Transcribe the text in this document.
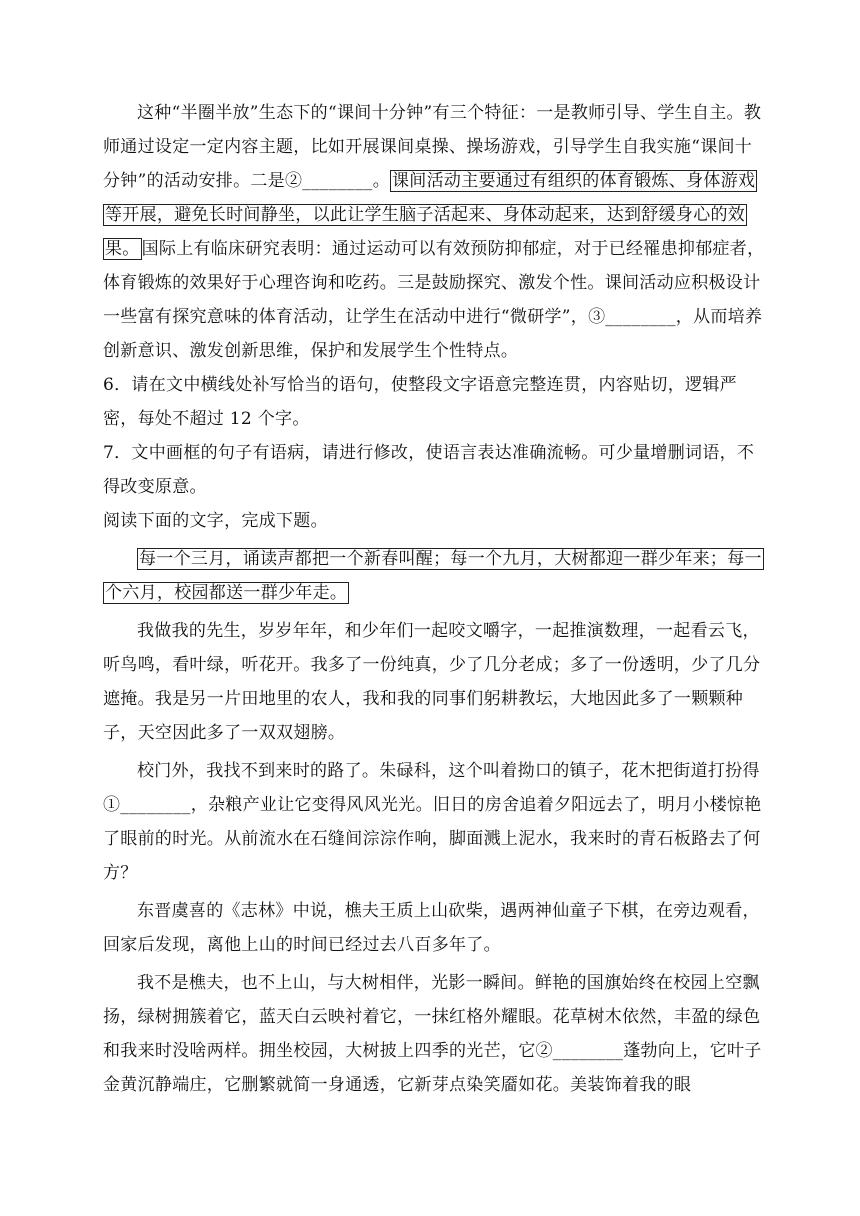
这种“半圈半放”生态下的“课间十分钟”有三个特征：一是教师引导、学生自主。教师通过设定一定内容主题，比如开展课间桌操、操场游戏，引导学生自我实施“课间十分钟”的活动安排。二是②________。 课间活动主要通过有组织的体育锻炼、身体游戏等开展，避免长时间静坐，以此让学生脑子活起来、身体动起来，达到舒缓身心的效果。 国际上有临床研究表明：通过运动可以有效预防抑郁症，对于已经罹患抑郁症者，体育锻炼的效果好于心理咨询和吃药。三是鼓励探究、激发个性。课间活动应积极设计一些富有探究意味的体育活动，让学生在活动中进行“微研学”，③________，从而培养创新意识、激发创新思维，保护和发展学生个性特点。

6．请在文中横线处补写恰当的语句，使整段文字语意完整连贯，内容贴切，逻辑严密，每处不超过 12 个字。

7．文中画框的句子有语病，请进行修改，使语言表达准确流畅。可少量增删词语，不得改变原意。

阅读下面的文字，完成下题。

每一个三月，诵读声都把一个新春叫醒；每一个九月，大树都迎一群少年来；每一个六月，校园都送一群少年走。

我做我的先生，岁岁年年，和少年们一起咬文嚼字，一起推演数理，一起看云飞，听鸟鸣，看叶绿，听花开。我多了一份纯真，少了几分老成；多了一份透明，少了几分遮掩。我是另一片田地里的农人，我和我的同事们躬耕教坛，大地因此多了一颗颗种子，天空因此多了一双双翅膀。

校门外，我找不到来时的路了。朱碌科，这个叫着拗口的镇子，花木把街道打扮得①________，杂粮产业让它变得风风光光。旧日的房舍追着夕阳远去了，明月小楼惊艳了眼前的时光。从前流水在石缝间淙淙作响，脚面溅上泥水，我来时的青石板路去了何方？

东晋虞喜的《志林》中说，樵夫王质上山砍柴，遇两神仙童子下棋，在旁边观看，回家后发现，离他上山的时间已经过去八百多年了。

我不是樵夫，也不上山，与大树相伴，光影一瞬间。鲜艳的国旗始终在校园上空飘扬，绿树拥簇着它，蓝天白云映衬着它，一抹红格外耀眼。花草树木依然，丰盈的绿色和我来时没啥两样。拥坐校园，大树披上四季的光芒，它②________蓬勃向上，它叶子金黄沉静端庄，它删繁就简一身通透，它新芽点染笑靥如花。美装饰着我的眼
